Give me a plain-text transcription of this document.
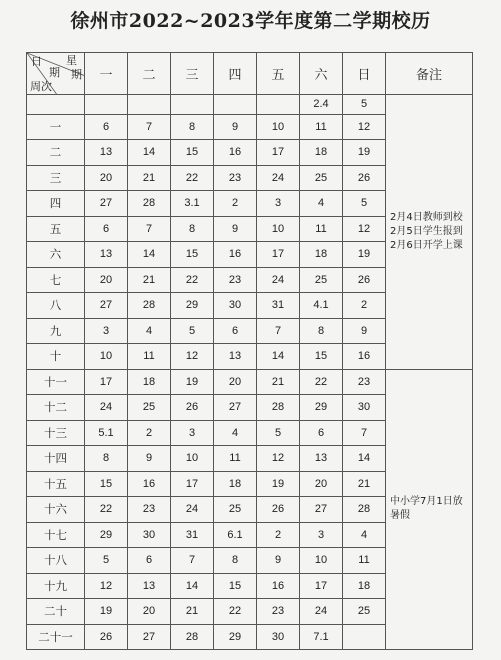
徐州市2022~2023学年度第二学期校历
日 星
期 期
周次	一	二	三	四	五	六	日	备注
						2.4	5	2月4日教师到校
2月5日学生报到
2月6日开学上课

一	6	7	8	9	10	11	12	
二	13	14	15	16	17	18	19	
三	20	21	22	23	24	25	26	
四	27	28	3.1	2	3	4	5	
五	6	7	8	9	10	11	12	
六	13	14	15	16	17	18	19	
七	20	21	22	23	24	25	26	
八	27	28	29	30	31	4.1	2	
九	3	4	5	6	7	8	9	
十	10	11	12	13	14	15	16	
十一	17	18	19	20	21	22	23	中小学7月1日放
暑假

十二	24	25	26	27	28	29	30	
十三	5.1	2	3	4	5	6	7	
十四	8	9	10	11	12	13	14	
十五	15	16	17	18	19	20	21	
十六	22	23	24	25	26	27	28	
十七	29	30	31	6.1	2	3	4	
十八	5	6	7	8	9	10	11	
十九	12	13	14	15	16	17	18	
二十	19	20	21	22	23	24	25	
二十一	26	27	28	29	30	7.1		
